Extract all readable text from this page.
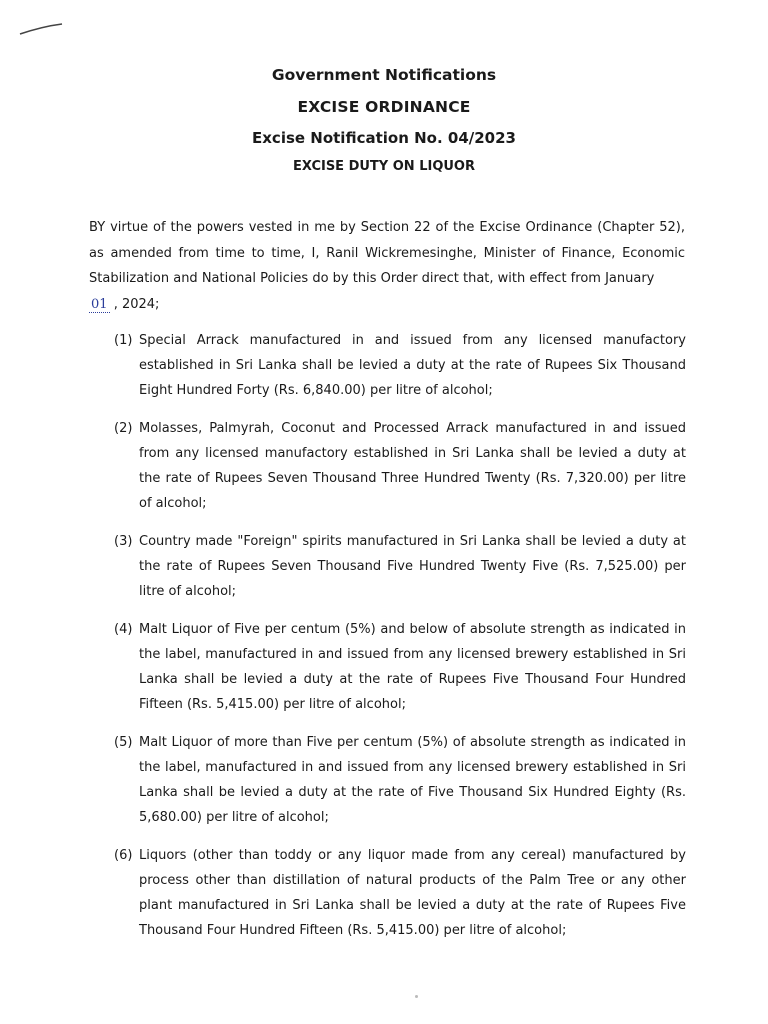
Government Notifications
EXCISE ORDINANCE
Excise Notification No. 04/2023
EXCISE DUTY ON LIQUOR
BY virtue of the powers vested in me by Section 22 of the Excise Ordinance (Chapter 52), as amended from time to time, I, Ranil Wickremesinghe, Minister of Finance, Economic Stabilization and National Policies do by this Order direct that, with effect from January
01 , 2024;
(1) Special Arrack manufactured in and issued from any licensed manufactory established in Sri Lanka shall be levied a duty at the rate of Rupees Six Thousand Eight Hundred Forty (Rs. 6,840.00) per litre of alcohol;
(2) Molasses, Palmyrah, Coconut and Processed Arrack manufactured in and issued from any licensed manufactory established in Sri Lanka shall be levied a duty at the rate of Rupees Seven Thousand Three Hundred Twenty (Rs. 7,320.00) per litre of alcohol;
(3) Country made "Foreign" spirits manufactured in Sri Lanka shall be levied a duty at the rate of Rupees Seven Thousand Five Hundred Twenty Five (Rs. 7,525.00) per litre of alcohol;
(4) Malt Liquor of Five per centum (5%) and below of absolute strength as indicated in the label, manufactured in and issued from any licensed brewery established in Sri Lanka shall be levied a duty at the rate of Rupees Five Thousand Four Hundred Fifteen (Rs. 5,415.00) per litre of alcohol;
(5) Malt Liquor of more than Five per centum (5%) of absolute strength as indicated in the label, manufactured in and issued from any licensed brewery established in Sri Lanka shall be levied a duty at the rate of Five Thousand Six Hundred Eighty (Rs. 5,680.00) per litre of alcohol;
(6) Liquors (other than toddy or any liquor made from any cereal) manufactured by process other than distillation of natural products of the Palm Tree or any other plant manufactured in Sri Lanka shall be levied a duty at the rate of Rupees Five Thousand Four Hundred Fifteen (Rs. 5,415.00) per litre of alcohol;
